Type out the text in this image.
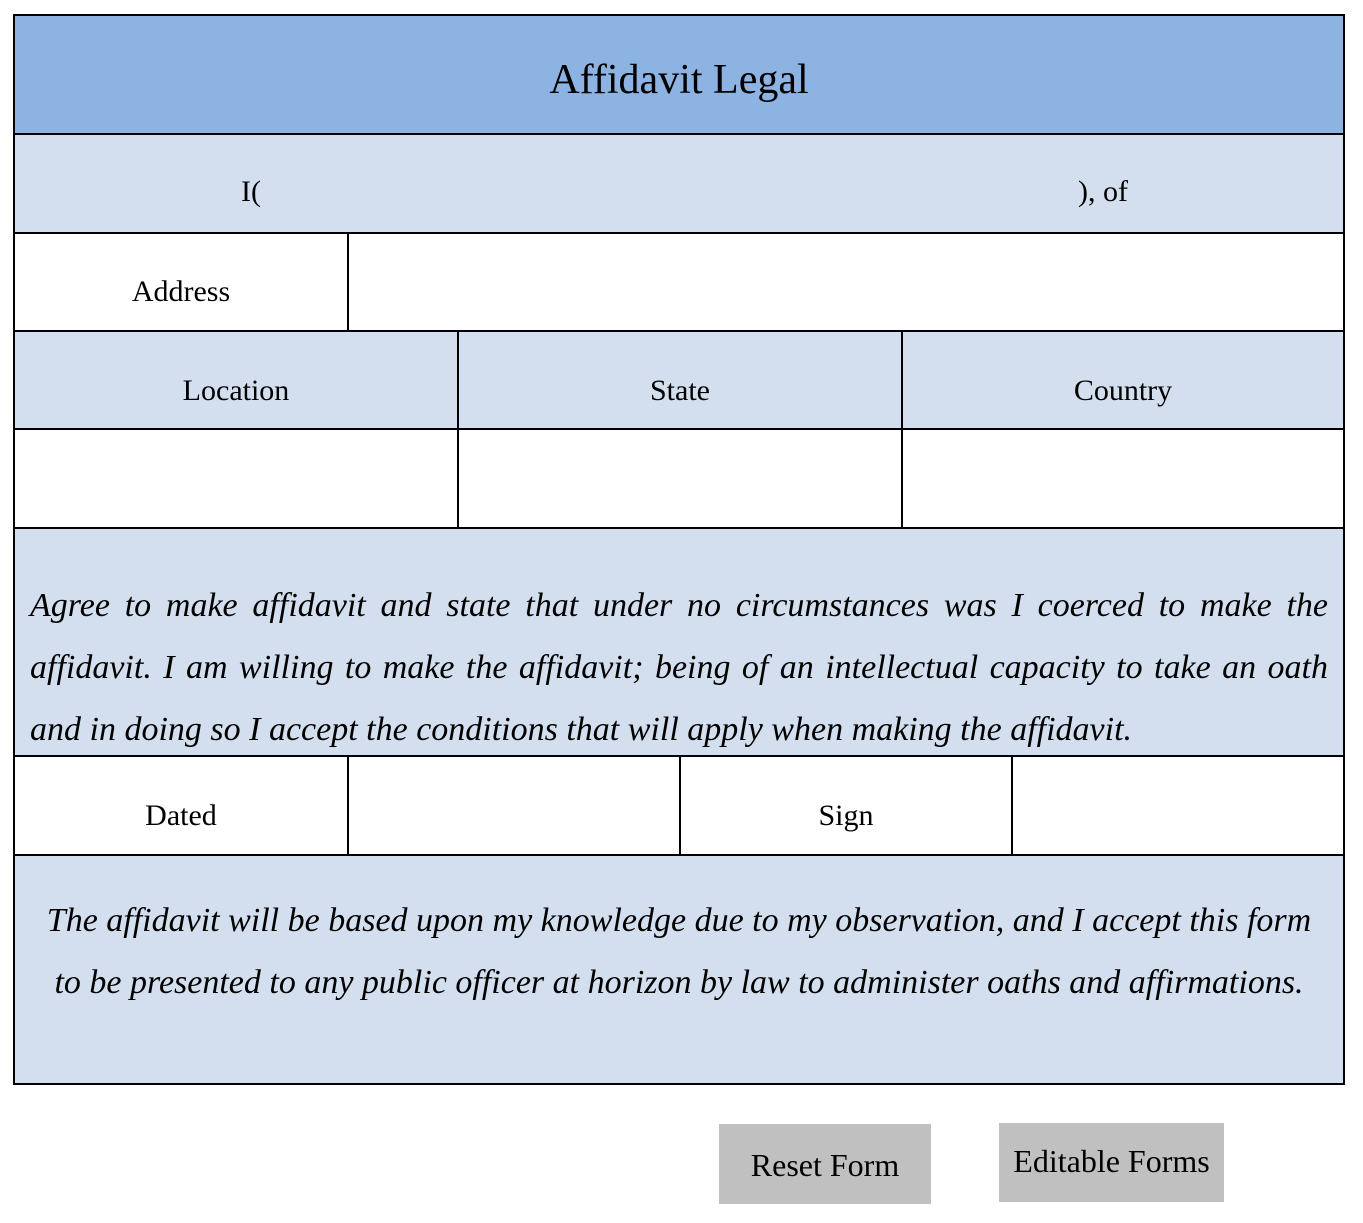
Affidavit Legal
I(	), of
Address
Location	State	Country
Agree to make affidavit and state that under no circumstances was I coerced to make the affidavit. I am willing to make the affidavit; being of an intellectual capacity to take an oath and in doing so I accept the conditions that will apply when making the affidavit.
Dated	Sign
The affidavit will be based upon my knowledge due to my observation, and I accept this form to be presented to any public officer at horizon by law to administer oaths and affirmations.
Reset Form	Editable Forms
